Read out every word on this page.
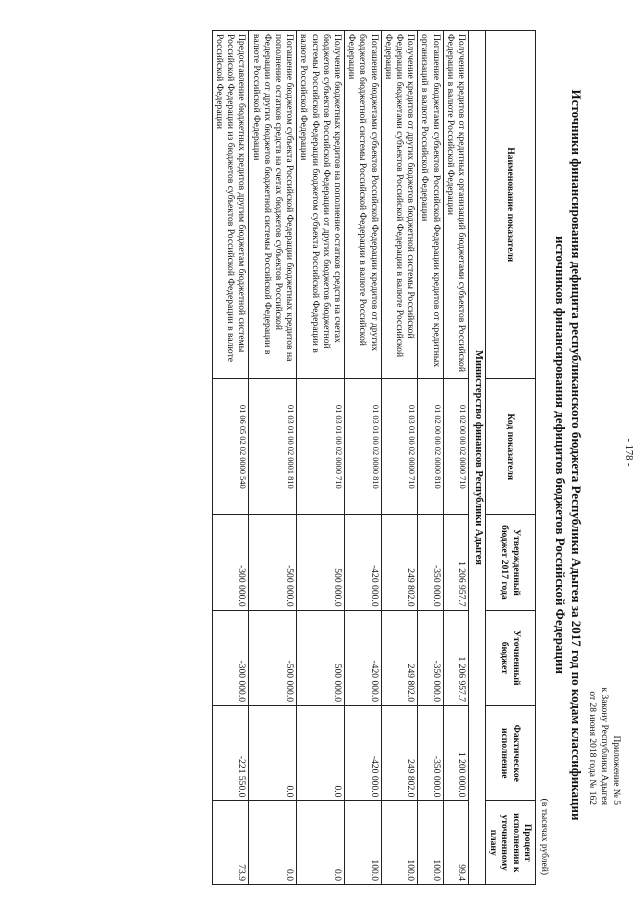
- 178 -
Приложение № 5
к Закону Республики Адыгея
от 28 июня 2018 года № 162
Источники финансирования дефицита республиканского бюджета Республики Адыгея за 2017 год по кодам классификации
источников финансирования дефицитов бюджетов Российской Федерации
(в тысячах рублей)
Наименование показателя	Код показателя	Утвержденный бюджет 2017 года	Уточненный бюджет	Фактическое исполнение	Процент исполнения к уточненному плану
Министерство финансов Республики Адыгея					
Получение кредитов от кредитных организаций бюджетами субъектов Российской Федерации в валюте Российской Федерации	01 02 00 00 02 0000 710	1 206 957.7	1 206 957.7	1 200 000.0	99.4
Погашение бюджетами субъектов Российской Федерации кредитов от кредитных организаций в валюте Российской Федерации	01 02 00 00 02 0000 810	-350 000.0	-350 000.0	-350 000.0	100.0
Получение кредитов от других бюджетов бюджетной системы Российской Федерации бюджетами субъектов Российской Федерации в валюте Российской Федерации	01 03 01 00 02 0000 710	249 802.0	249 802.0	249 802.0	100.0
Погашение бюджетами субъектов Российской Федерации кредитов от других бюджетов бюджетной системы Российской Федерации в валюте Российской Федерации	01 03 01 00 02 0000 810	-420 000.0	-420 000.0	-420 000.0	100.0
Получение бюджетных кредитов на пополнение остатков средств на счетах бюджетов субъектов Российской Федерации от других бюджетов бюджетной системы Российской Федерации бюджетом субъекта Российской Федерации в валюте Российской Федерации	01 03 01 00 02 0000 710	500 000.0	500 000.0	0.0	0.0
Погашение бюджетом субъекта Российской Федерации бюджетных кредитов на пополнение остатков средств на счетах бюджетов субъектов Российской Федерации от других бюджетов бюджетной системы Российской Федерации в валюте Российской Федерации	01 03 01 00 02 0001 810	-500 000.0	-500 000.0	0.0	0.0
Предоставление бюджетных кредитов другим бюджетам бюджетной системы Российской Федерации из бюджетов субъектов Российской Федерации в валюте Российской Федерации	01 06 05 02 02 0000 540	-300 000.0	-300 000.0	-221 550.0	73.9
